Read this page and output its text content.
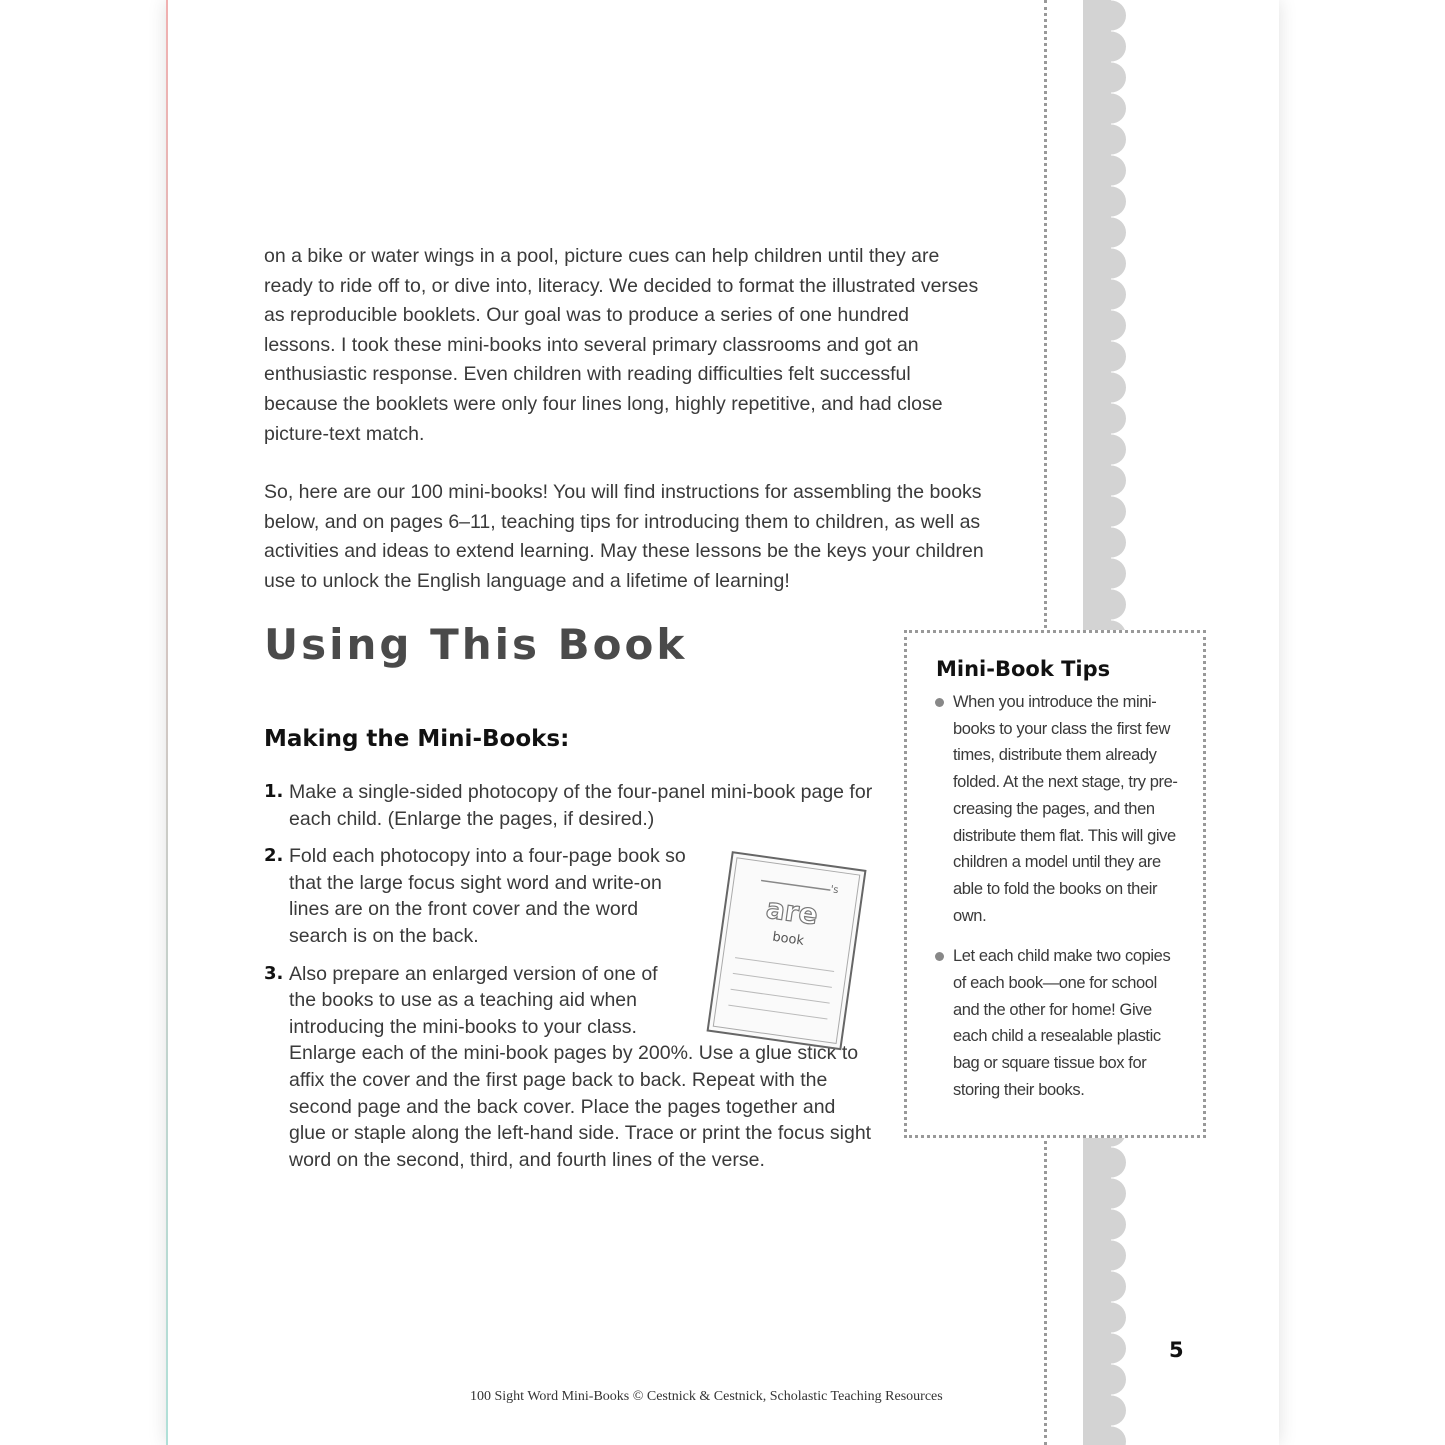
on a bike or water wings in a pool, picture cues can help children until they are ready to ride off to, or dive into, literacy. We decided to format the illustrated verses as reproducible booklets. Our goal was to produce a series of one hundred lessons. I took these mini-books into several primary classrooms and got an enthusiastic response. Even children with reading difficulties felt successful because the booklets were only four lines long, highly repetitive, and had close picture-text match.

So, here are our 100 mini-books! You will find instructions for assembling the books below, and on pages 6–11, teaching tips for introducing them to children, as well as activities and ideas to extend learning. May these lessons be the keys your children use to unlock the English language and a lifetime of learning!

Using This Book
Making the Mini-Books:
1. Make a single-sided photocopy of the four-panel mini-book page for each child. (Enlarge the pages, if desired.)
2. Fold each photocopy into a four-page book so that the large focus sight word and write-on lines are on the front cover and the word search is on the back.
3. Also prepare an enlarged version of one of the books to use as a teaching aid when introducing the mini-books to your class.
Enlarge each of the mini-book pages by 200%. Use a glue stick to affix the cover and the first page back to back. Repeat with the second page and the back cover. Place the pages together and glue or staple along the left-hand side. Trace or print the focus sight word on the second, third, and fourth lines of the verse.
's
are
book
Mini-Book Tips
When you introduce the mini-books to your class the first few times, distribute them already folded. At the next stage, try pre-creasing the pages, and then distribute them flat. This will give children a model until they are able to fold the books on their own.
Let each child make two copies of each book—one for school and the other for home! Give each child a resealable plastic bag or square tissue box for storing their books.
5
100 Sight Word Mini-Books © Cestnick & Cestnick, Scholastic Teaching Resources
